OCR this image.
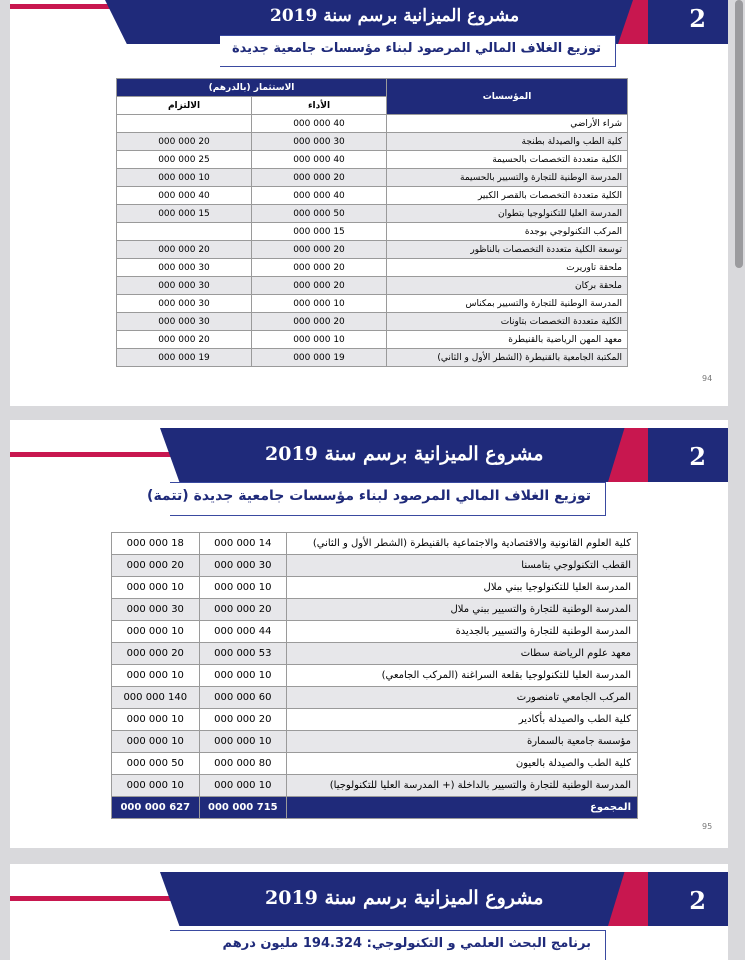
مشروع الميزانية برسم سنة 2019	2
توزيع الغلاف المالي المرصود لبناء مؤسسات جامعية جديدة
المؤسسات	الاستثمار (بالدرهم)	
	الأداء	الالتزام
شراء الأراضي	40 000 000	
كلية الطب والصيدلة بطنجة	30 000 000	20 000 000
الكلية متعددة التخصصات بالحسيمة	40 000 000	25 000 000
المدرسة الوطنية للتجارة والتسيير بالحسيمة	20 000 000	10 000 000
الكلية متعددة التخصصات بالقصر الكبير	40 000 000	40 000 000
المدرسة العليا للتكنولوجيا بتطوان	50 000 000	15 000 000
المركب التكنولوجي بوجدة	15 000 000	
توسعة الكلية متعددة التخصصات بالناظور	20 000 000	20 000 000
ملحقة تاوريرت	20 000 000	30 000 000
ملحقة بركان	20 000 000	30 000 000
المدرسة الوطنية للتجارة والتسيير بمكناس	10 000 000	30 000 000
الكلية متعددة التخصصات بتاونات	20 000 000	30 000 000
معهد المهن الرياضية بالقنيطرة	10 000 000	20 000 000
المكتبة الجامعية بالقنيطرة (الشطر الأول و الثاني)	19 000 000	19 000 000
94
مشروع الميزانية برسم سنة 2019	2
توزيع الغلاف المالي المرصود لبناء مؤسسات جامعية جديدة (تتمة)
كلية العلوم القانونية والاقتصادية والاجتماعية بالقنيطرة (الشطر الأول و الثاني)	14 000 000	18 000 000
القطب التكنولوجي بتامسنا	30 000 000	20 000 000
المدرسة العليا للتكنولوجيا ببني ملال	10 000 000	10 000 000
المدرسة الوطنية للتجارة والتسيير ببني ملال	20 000 000	30 000 000
المدرسة الوطنية للتجارة والتسيير بالجديدة	44 000 000	10 000 000
معهد علوم الرياضة سطات	53 000 000	20 000 000
المدرسة العليا للتكنولوجيا بقلعة السراغنة (المركب الجامعي)	10 000 000	10 000 000
المركب الجامعي تامنصورت	60 000 000	140 000 000
كلية الطب والصيدلة بأكادير	20 000 000	10 000 000
مؤسسة جامعية بالسمارة	10 000 000	10 000 000
كلية الطب والصيدلة بالعيون	80 000 000	50 000 000
المدرسة الوطنية للتجارة والتسيير بالداخلة (+ المدرسة العليا للتكنولوجيا)	10 000 000	10 000 000
المجموع	715 000 000	627 000 000
95
مشروع الميزانية برسم سنة 2019	2
برنامج البحث العلمي و التكنولوجي: 194.324 مليون درهم
